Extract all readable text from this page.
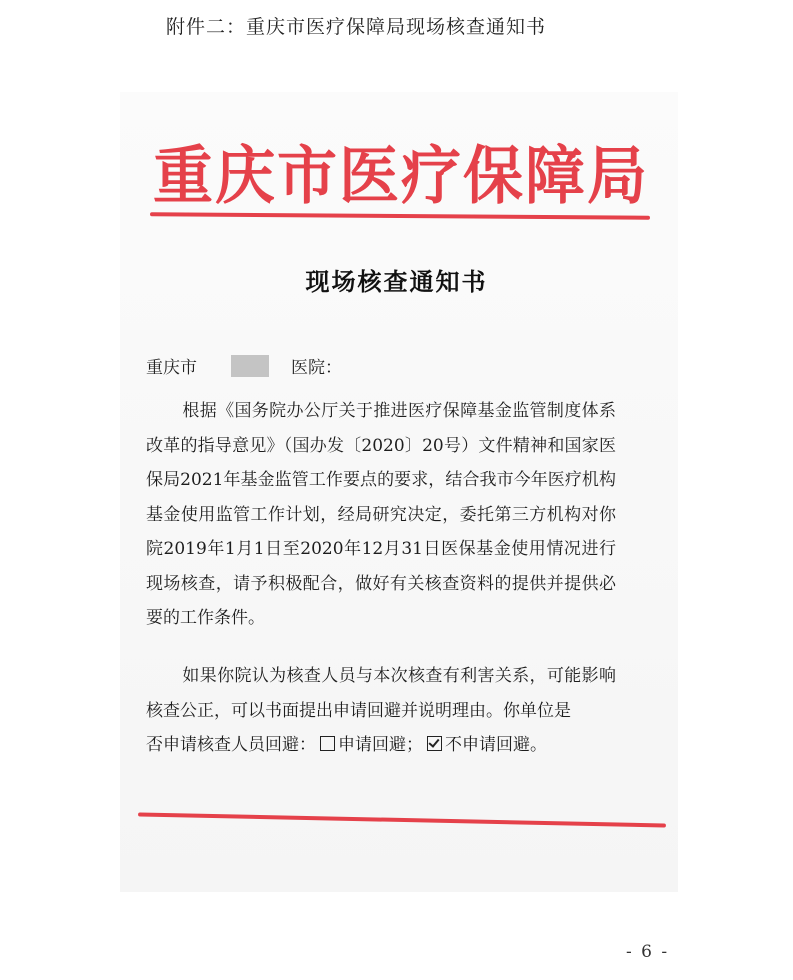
附件二：重庆市医疗保障局现场核查通知书
重庆市医疗保障局
现场核查通知书
重庆市	医院：

根据《国务院办公厅关于推进医疗保障基金监管制度体系改革的指导意见》（国办发〔2020〕20号）文件精神和国家医保局2021年基金监管工作要点的要求，结合我市今年医疗机构基金使用监管工作计划，经局研究决定，委托第三方机构对你院2019年1月1日至2020年12月31日医保基金使用情况进行现场核查，请予积极配合，做好有关核查资料的提供并提供必要的工作条件。

如果你院认为核查人员与本次核查有利害关系，可能影响核查公正，可以书面提出申请回避并说明理由。你单位是
否申请核查人员回避： 申请回避； 不申请回避。

- 6 -
